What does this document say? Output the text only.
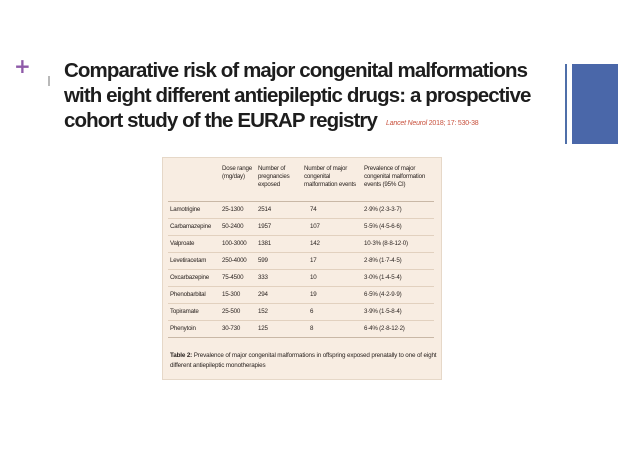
+ Comparative risk of major congenital malformations with eight different antiepileptic drugs: a prospective cohort study of the EURAP registry	Lancet Neurol 2018; 17: 530-38
	Dose range (mg/day)	Number of pregnancies exposed	Number of major congenital malformation events	Prevalence of major congenital malformation events (95% CI)
Lamotrigine	25-1300	2514	74	2·9% (2·3-3·7)
Carbamazepine	50-2400	1957	107	5·5% (4·5-6·6)
Valproate	100-3000	1381	142	10·3% (8·8-12·0)
Levetiracetam	250-4000	599	17	2·8% (1·7-4·5)
Oxcarbazepine	75-4500	333	10	3·0% (1·4-5·4)
Phenobarbital	15-300	294	19	6·5% (4·2-9·9)
Topiramate	25-500	152	6	3·9% (1·5-8·4)
Phenytoin	30-730	125	8	6·4% (2·8-12·2)

Table 2: Prevalence of major congenital malformations in offspring exposed prenatally to one of eight different antiepileptic monotherapies
